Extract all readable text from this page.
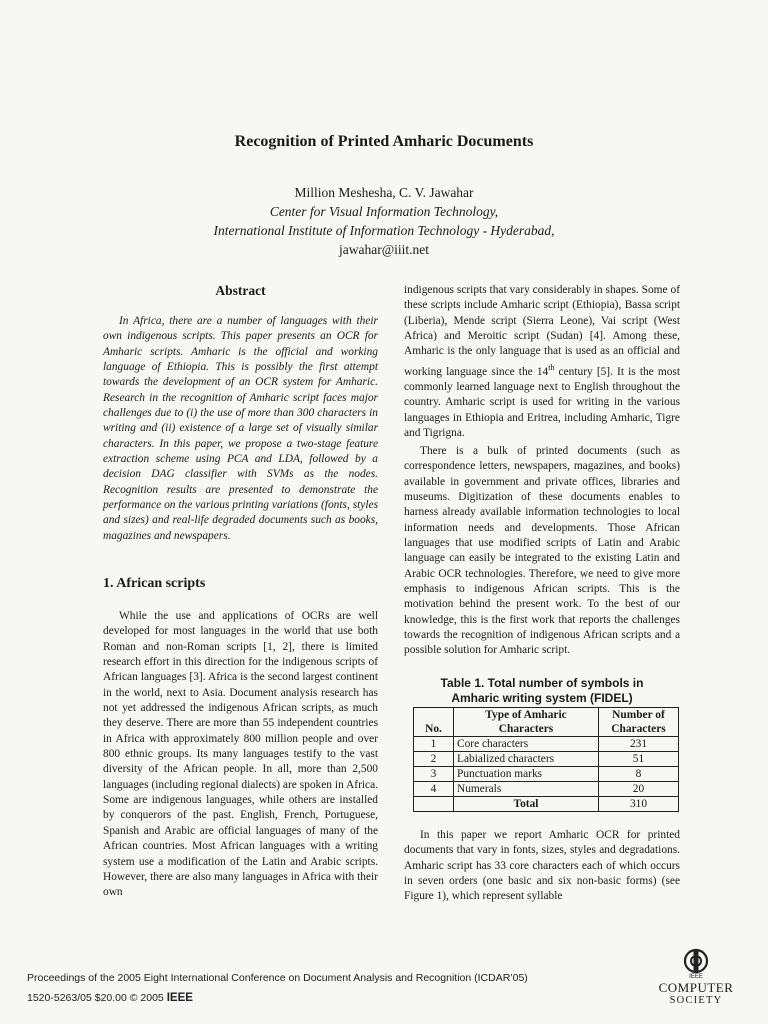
Recognition of Printed Amharic Documents
Million Meshesha, C. V. Jawahar
Center for Visual Information Technology,
International Institute of Information Technology - Hyderabad,
jawahar@iiit.net
Abstract
In Africa, there are a number of languages with their own indigenous scripts. This paper presents an OCR for Amharic scripts. Amharic is the official and working language of Ethiopia. This is possibly the first attempt towards the development of an OCR system for Amharic. Research in the recognition of Amharic script faces major challenges due to (i) the use of more than 300 characters in writing and (ii) existence of a large set of visually similar characters. In this paper, we propose a two-stage feature extraction scheme using PCA and LDA, followed by a decision DAG classifier with SVMs as the nodes. Recognition results are presented to demonstrate the performance on the various printing variations (fonts, styles and sizes) and real-life degraded documents such as books, magazines and newspapers.
1. African scripts
While the use and applications of OCRs are well developed for most languages in the world that use both Roman and non-Roman scripts [1, 2], there is limited research effort in this direction for the indigenous scripts of African languages [3]. Africa is the second largest continent in the world, next to Asia. Document analysis research has not yet addressed the indigenous African scripts, as much they deserve. There are more than 55 independent countries in Africa with approximately 800 million people and over 800 ethnic groups. Its many languages testify to the vast diversity of the African people. In all, more than 2,500 languages (including regional dialects) are spoken in Africa. Some are indigenous languages, while others are installed by conquerors of the past. English, French, Portuguese, Spanish and Arabic are official languages of many of the African countries. Most African languages with a writing system use a modification of the Latin and Arabic scripts. However, there are also many languages in Africa with their own
indigenous scripts that vary considerably in shapes. Some of these scripts include Amharic script (Ethiopia), Bassa script (Liberia), Mende script (Sierra Leone), Vai script (West Africa) and Meroitic script (Sudan) [4]. Among these, Amharic is the only language that is used as an official and working language since the 14th century [5]. It is the most commonly learned language next to English throughout the country. Amharic script is used for writing in the various languages in Ethiopia and Eritrea, including Amharic, Tigre and Tigrigna.
There is a bulk of printed documents (such as correspondence letters, newspapers, magazines, and books) available in government and private offices, libraries and museums. Digitization of these documents enables to harness already available information technologies to local information needs and developments. Those African languages that use modified scripts of Latin and Arabic language can easily be integrated to the existing Latin and Arabic OCR technologies. Therefore, we need to give more emphasis to indigenous African scripts. This is the motivation behind the present work. To the best of our knowledge, this is the first work that reports the challenges towards the recognition of indigenous African scripts and a possible solution for Amharic script.
Table 1. Total number of symbols in
Amharic writing system (FIDEL)
No.	Type of Amharic Characters	Number of Characters
1	Core characters	231
2	Labialized characters	51
3	Punctuation marks	8
4	Numerals	20
	Total	310
In this paper we report Amharic OCR for printed documents that vary in fonts, sizes, styles and degradations. Amharic script has 33 core characters each of which occurs in seven orders (one basic and six non-basic forms) (see Figure 1), which represent syllable
Proceedings of the 2005 Eight International Conference on Document Analysis and Recognition (ICDAR’05)
1520-5263/05 $20.00 © 2005 IEEE
IEEE
COMPUTER
SOCIETY
